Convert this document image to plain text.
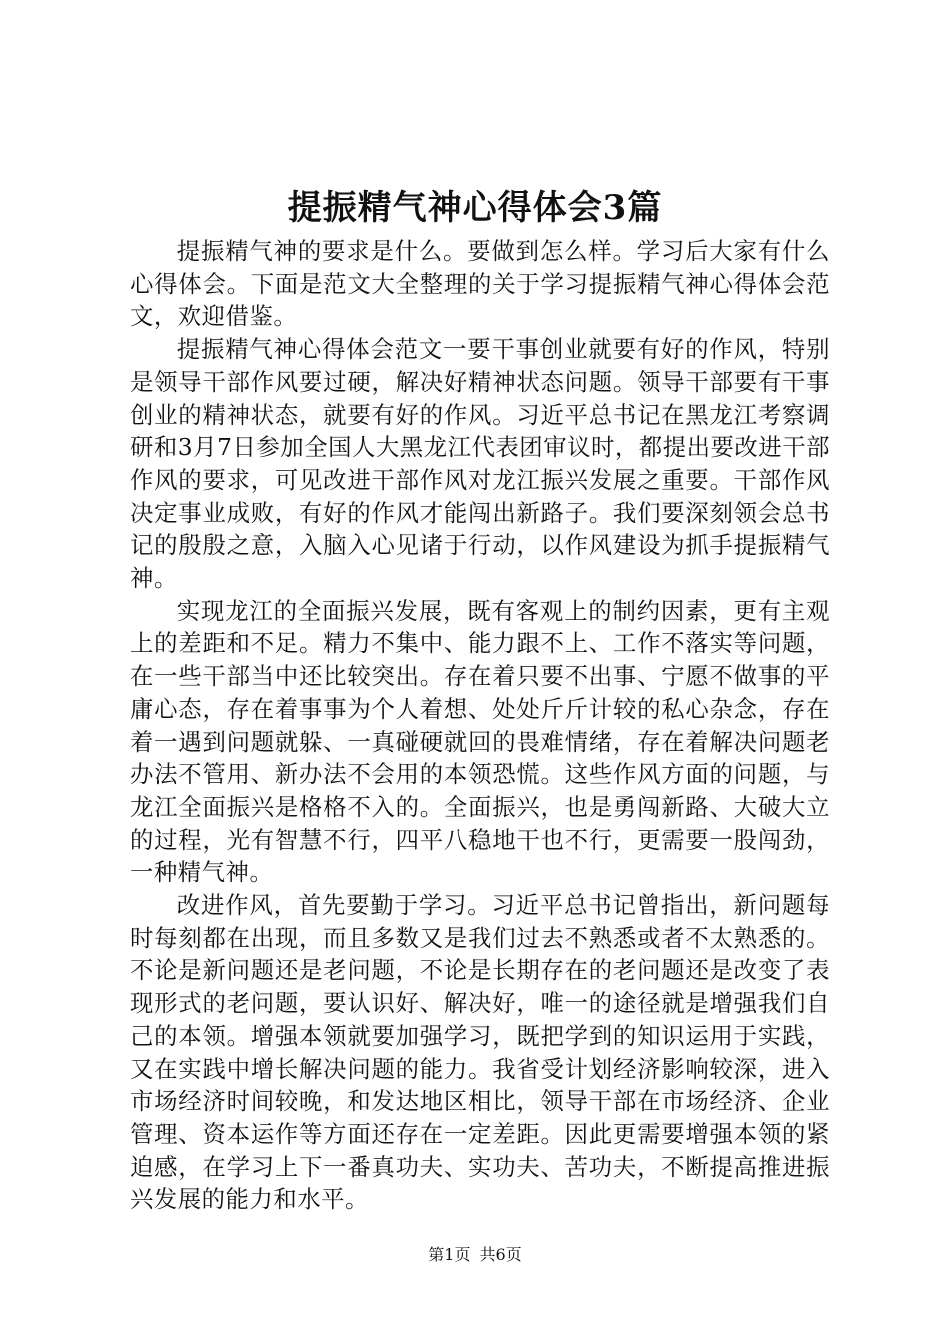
提振精气神心得体会3篇

提振精气神的要求是什么。要做到怎么样。学习后大家有什么心得体会。下面是范文大全整理的关于学习提振精气神心得体会范文，欢迎借鉴。

提振精气神心得体会范文一要干事创业就要有好的作风，特别是领导干部作风要过硬，解决好精神状态问题。领导干部要有干事创业的精神状态，就要有好的作风。习近平总书记在黑龙江考察调研和3月7日参加全国人大黑龙江代表团审议时，都提出要改进干部作风的要求，可见改进干部作风对龙江振兴发展之重要。干部作风决定事业成败，有好的作风才能闯出新路子。我们要深刻领会总书记的殷殷之意，入脑入心见诸于行动，以作风建设为抓手提振精气神。

实现龙江的全面振兴发展，既有客观上的制约因素，更有主观上的差距和不足。精力不集中、能力跟不上、工作不落实等问题，在一些干部当中还比较突出。存在着只要不出事、宁愿不做事的平庸心态，存在着事事为个人着想、处处斤斤计较的私心杂念，存在着一遇到问题就躲、一真碰硬就回的畏难情绪，存在着解决问题老办法不管用、新办法不会用的本领恐慌。这些作风方面的问题，与龙江全面振兴是格格不入的。全面振兴，也是勇闯新路、大破大立的过程，光有智慧不行，四平八稳地干也不行，更需要一股闯劲，一种精气神。

改进作风，首先要勤于学习。习近平总书记曾指出，新问题每时每刻都在出现，而且多数又是我们过去不熟悉或者不太熟悉的。不论是新问题还是老问题，不论是长期存在的老问题还是改变了表现形式的老问题，要认识好、解决好，唯一的途径就是增强我们自己的本领。增强本领就要加强学习，既把学到的知识运用于实践，又在实践中增长解决问题的能力。我省受计划经济影响较深，进入市场经济时间较晚，和发达地区相比，领导干部在市场经济、企业管理、资本运作等方面还存在一定差距。因此更需要增强本领的紧迫感，在学习上下一番真功夫、实功夫、苦功夫，不断提高推进振兴发展的能力和水平。

第1页 共6页
